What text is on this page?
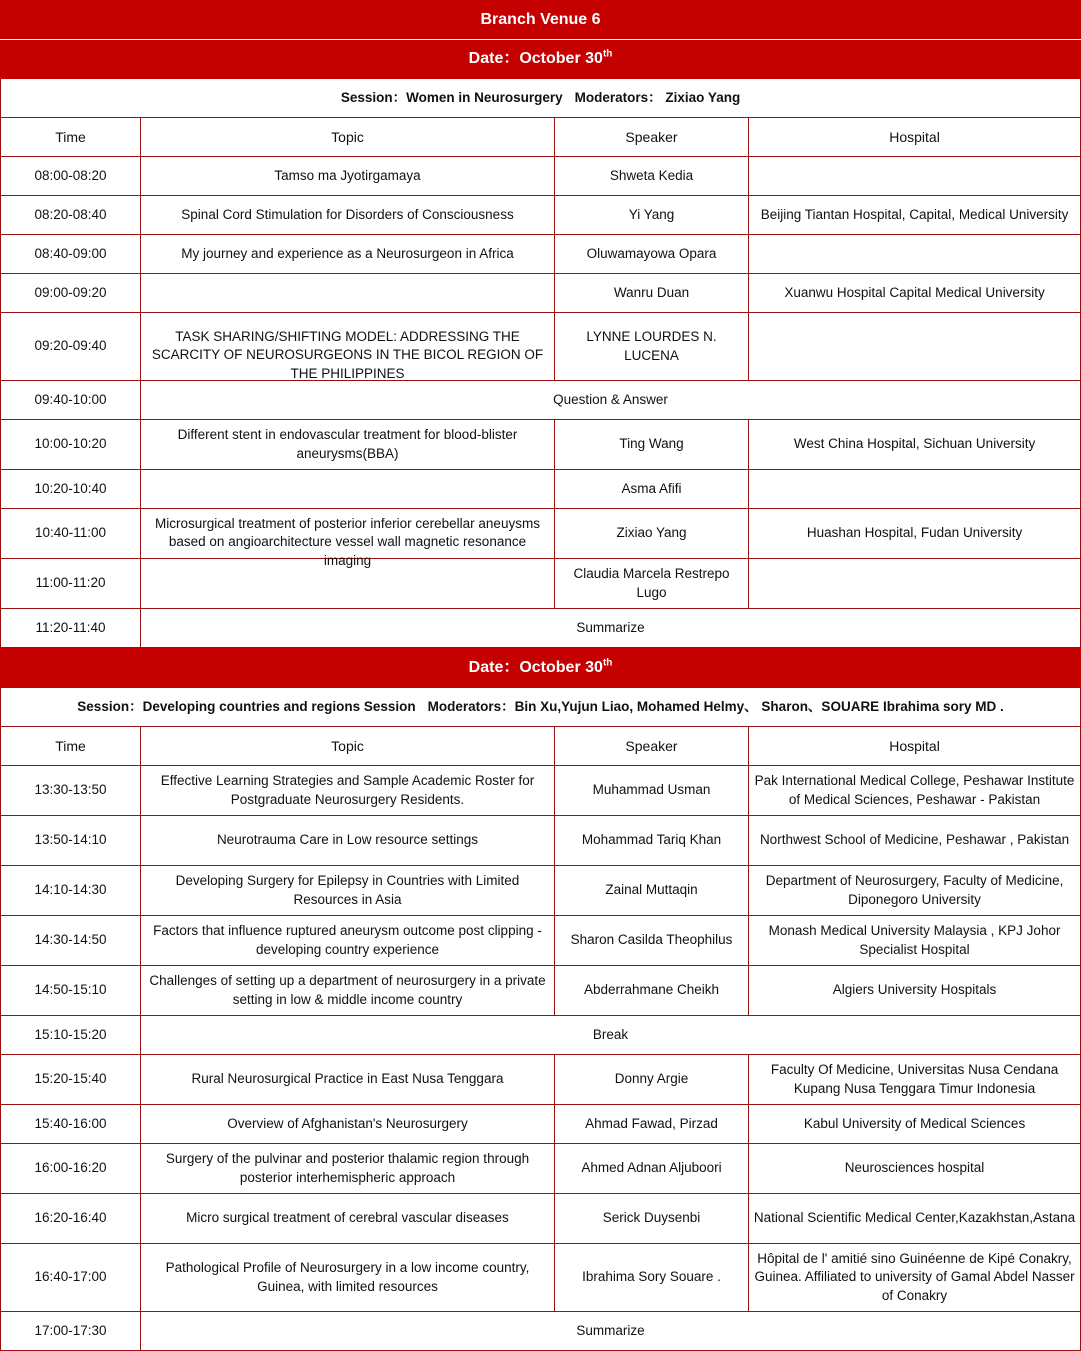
Branch Venue 6			
Date：October 30th
Session：Women in Neurosurgery Moderators： Zixiao Yang			
Time	Topic	Speaker	Hospital
08:00-08:20	Tamso ma Jyotirgamaya	Shweta Kedia	
08:20-08:40	Spinal Cord Stimulation for Disorders of Consciousness	Yi Yang	Beijing Tiantan Hospital, Capital, Medical University
08:40-09:00	My journey and experience as a Neurosurgeon in Africa	Oluwamayowa Opara	
09:00-09:20		Wanru Duan	Xuanwu Hospital Capital Medical University
09:20-09:40	TASK SHARING/SHIFTING MODEL: ADDRESSING THE SCARCITY OF NEUROSURGEONS IN THE BICOL REGION OF THE PHILIPPINES	LYNNE LOURDES N. LUCENA	
09:40-10:00	Question & Answer		
10:00-10:20	Different stent in endovascular treatment for blood-blister aneurysms(BBA)	Ting Wang	West China Hospital, Sichuan University
10:20-10:40		Asma Afifi	
10:40-11:00	Microsurgical treatment of posterior inferior cerebellar aneuysms based on angioarchitecture vessel wall magnetic resonance imaging	Zixiao Yang	Huashan Hospital, Fudan University
11:00-11:20		Claudia Marcela Restrepo Lugo	
11:20-11:40	Summarize		
Date：October 30th
Session：Developing countries and regions Session Moderators：Bin Xu,Yujun Liao, Mohamed Helmy、 Sharon、SOUARE Ibrahima sory MD .			
Time	Topic	Speaker	Hospital
13:30-13:50	Effective Learning Strategies and Sample Academic Roster for Postgraduate Neurosurgery Residents.	Muhammad Usman	Pak International Medical College, Peshawar Institute of Medical Sciences, Peshawar - Pakistan
13:50-14:10	Neurotrauma Care in Low resource settings	Mohammad Tariq Khan	Northwest School of Medicine, Peshawar , Pakistan
14:10-14:30	Developing Surgery for Epilepsy in Countries with Limited Resources in Asia	Zainal Muttaqin	Department of Neurosurgery, Faculty of Medicine, Diponegoro University
14:30-14:50	Factors that influence ruptured aneurysm outcome post clipping - developing country experience	Sharon Casilda Theophilus	Monash Medical University Malaysia , KPJ Johor Specialist Hospital
14:50-15:10	Challenges of setting up a department of neurosurgery in a private setting in low & middle income country	Abderrahmane Cheikh	Algiers University Hospitals
15:10-15:20	Break		
15:20-15:40	Rural Neurosurgical Practice in East Nusa Tenggara	Donny Argie	Faculty Of Medicine, Universitas Nusa Cendana Kupang Nusa Tenggara Timur Indonesia
15:40-16:00	Overview of Afghanistan's Neurosurgery	Ahmad Fawad, Pirzad	Kabul University of Medical Sciences
16:00-16:20	Surgery of the pulvinar and posterior thalamic region through posterior interhemispheric approach	Ahmed Adnan Aljuboori	Neurosciences hospital
16:20-16:40	Micro surgical treatment of cerebral vascular diseases	Serick Duysenbi	National Scientific Medical Center,Kazakhstan,Astana
16:40-17:00	Pathological Profile of Neurosurgery in a low income country, Guinea, with limited resources	Ibrahima Sory Souare .	Hôpital de l' amitié sino Guinéenne de Kipé Conakry, Guinea. Affiliated to university of Gamal Abdel Nasser of Conakry
17:00-17:30	Summarize		
